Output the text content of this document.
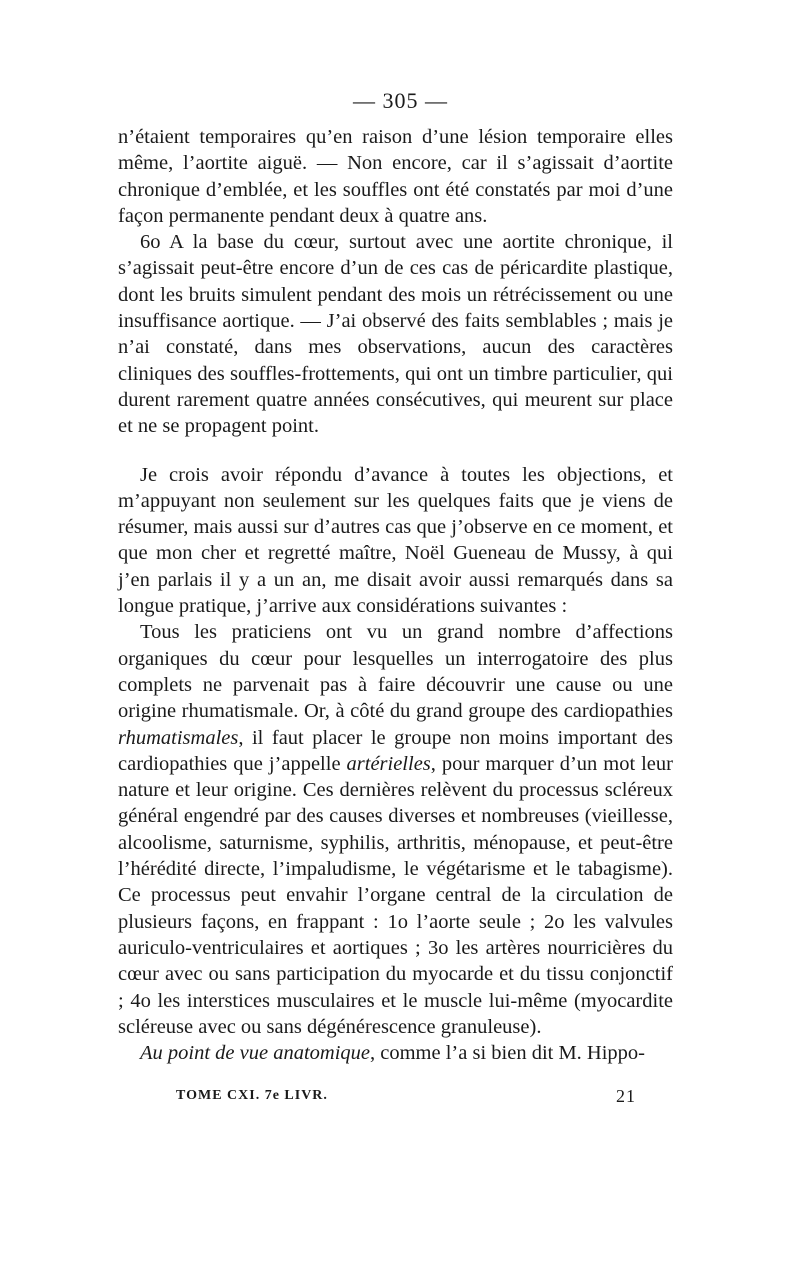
— 305 —

n’étaient temporaires qu’en raison d’une lésion temporaire elles même, l’aortite aiguë. — Non encore, car il s’agissait d’aortite chronique d’emblée, et les souffles ont été constatés par moi d’une façon permanente pendant deux à quatre ans.

6o A la base du cœur, surtout avec une aortite chronique, il s’agissait peut-être encore d’un de ces cas de péricardite plastique, dont les bruits simulent pendant des mois un rétrécissement ou une insuffisance aortique. — J’ai observé des faits semblables ; mais je n’ai constaté, dans mes observations, aucun des caractères cliniques des souffles-frottements, qui ont un timbre particulier, qui durent rarement quatre années consécutives, qui meurent sur place et ne se propagent point.

Je crois avoir répondu d’avance à toutes les objections, et m’appuyant non seulement sur les quelques faits que je viens de résumer, mais aussi sur d’autres cas que j’observe en ce moment, et que mon cher et regretté maître, Noël Gueneau de Mussy, à qui j’en parlais il y a un an, me disait avoir aussi remarqués dans sa longue pratique, j’arrive aux considérations suivantes :

Tous les praticiens ont vu un grand nombre d’affections organiques du cœur pour lesquelles un interrogatoire des plus complets ne parvenait pas à faire découvrir une cause ou une origine rhumatismale. Or, à côté du grand groupe des cardiopathies rhumatismales, il faut placer le groupe non moins important des cardiopathies que j’appelle artérielles, pour marquer d’un mot leur nature et leur origine. Ces dernières relèvent du processus scléreux général engendré par des causes diverses et nombreuses (vieillesse, alcoolisme, saturnisme, syphilis, arthritis, ménopause, et peut-être l’hérédité directe, l’impaludisme, le végétarisme et le tabagisme). Ce processus peut envahir l’organe central de la circulation de plusieurs façons, en frappant : 1o l’aorte seule ; 2o les valvules auriculo-ventriculaires et aortiques ; 3o les artères nourricières du cœur avec ou sans participation du myocarde et du tissu conjonctif ; 4o les interstices musculaires et le muscle lui-même (myocardite scléreuse avec ou sans dégénérescence granuleuse).

Au point de vue anatomique, comme l’a si bien dit M. Hippo-

TOME CXI. 7e LIVR.	21
